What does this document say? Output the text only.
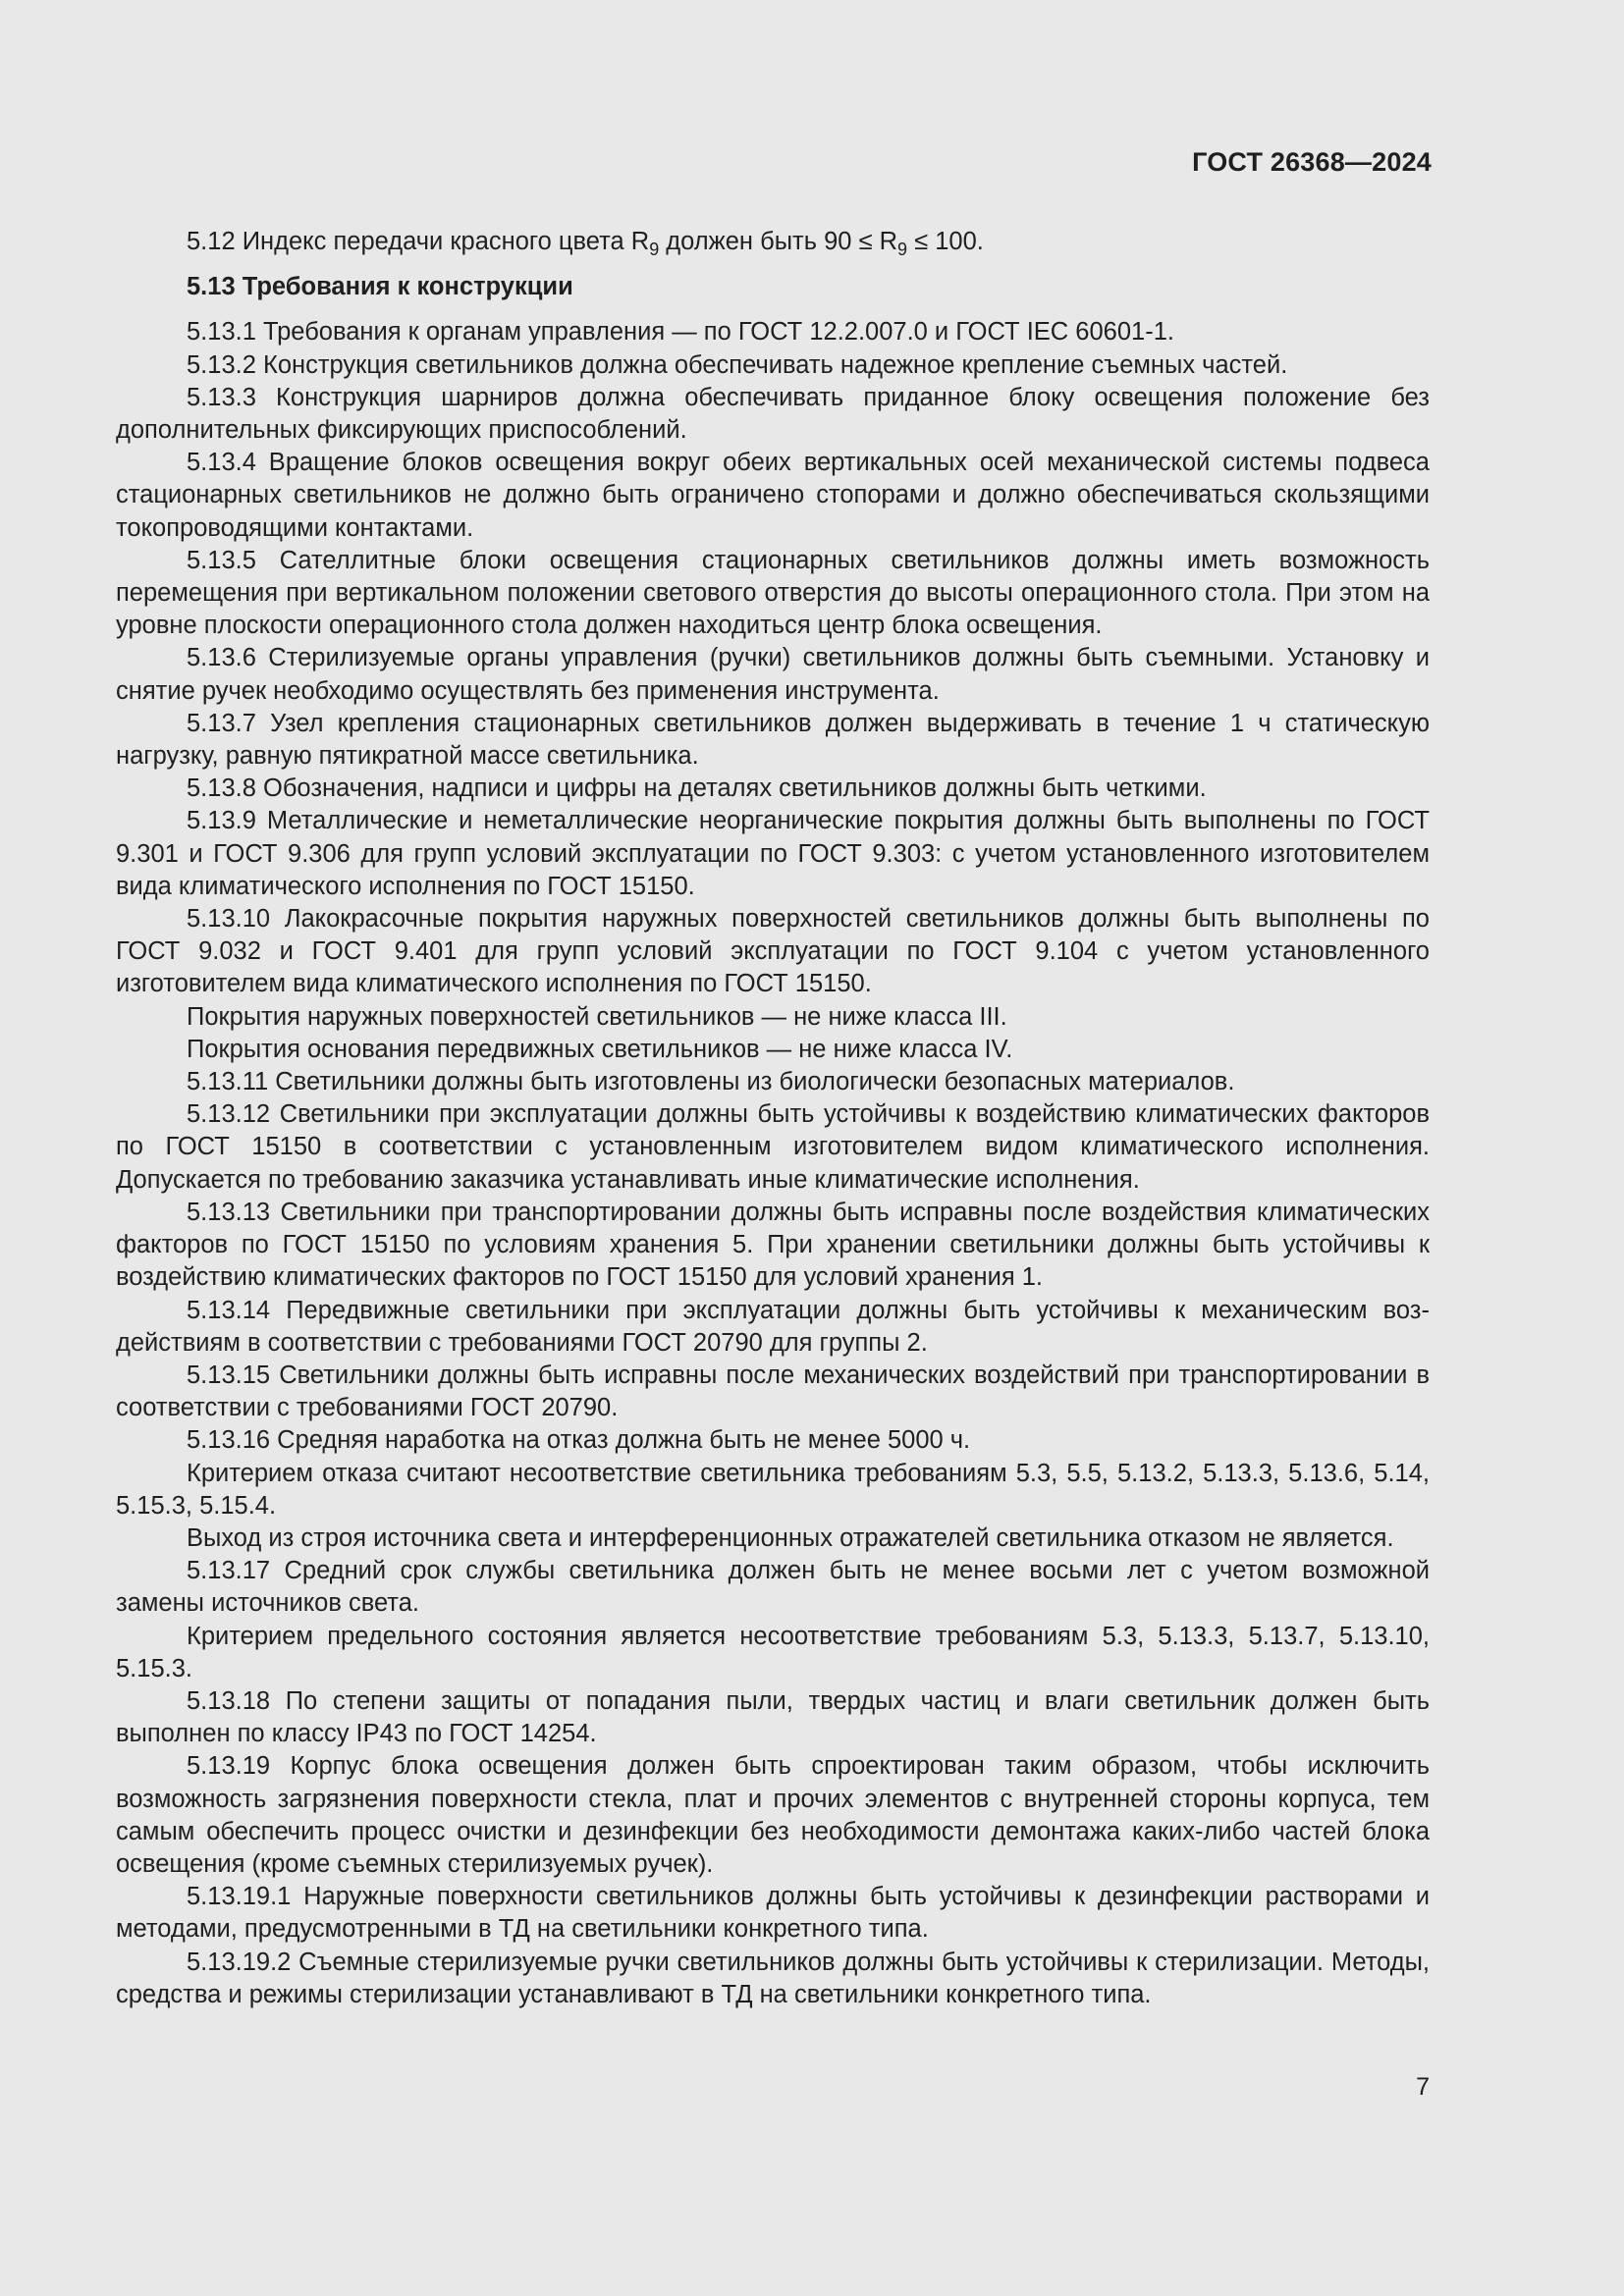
ГОСТ 26368—2024

5.12 Индекс передачи красного цвета $R_9$ должен быть $90 \le R_9 \le 100$.

5.13 Требования к конструкции

5.13.1 Требования к органам управления — по ГОСТ 12.2.007.0 и ГОСТ IEC 60601-1.

5.13.2 Конструкция светильников должна обеспечивать надежное крепление съемных частей.

5.13.3 Конструкция шарниров должна обеспечивать приданное блоку освещения положение без дополнительных фиксирующих приспособлений.

5.13.4 Вращение блоков освещения вокруг обеих вертикальных осей механической системы подвеса стационарных светильников не должно быть ограничено стопорами и должно обеспечиваться скользящими токопроводящими контактами.

5.13.5 Сателлитные блоки освещения стационарных светильников должны иметь возможность перемещения при вертикальном положении светового отверстия до высоты операционного стола. При этом на уровне плоскости операционного стола должен находиться центр блока освещения.

5.13.6 Стерилизуемые органы управления (ручки) светильников должны быть съемными. Установку и снятие ручек необходимо осуществлять без применения инструмента.

5.13.7 Узел крепления стационарных светильников должен выдерживать в течение 1 ч статическую нагрузку, равную пятикратной массе светильника.

5.13.8 Обозначения, надписи и цифры на деталях светильников должны быть четкими.

5.13.9 Металлические и неметаллические неорганические покрытия должны быть выполнены по ГОСТ 9.301 и ГОСТ 9.306 для групп условий эксплуатации по ГОСТ 9.303: с учетом установленного изготовителем вида климатического исполнения по ГОСТ 15150.

5.13.10 Лакокрасочные покрытия наружных поверхностей светильников должны быть выполнены по ГОСТ 9.032 и ГОСТ 9.401 для групп условий эксплуатации по ГОСТ 9.104 с учетом установленного изготовителем вида климатического исполнения по ГОСТ 15150.

Покрытия наружных поверхностей светильников — не ниже класса III.

Покрытия основания передвижных светильников — не ниже класса IV.

5.13.11 Светильники должны быть изготовлены из биологически безопасных материалов.

5.13.12 Светильники при эксплуатации должны быть устойчивы к воздействию климатических факторов по ГОСТ 15150 в соответствии с установленным изготовителем видом климатического исполнения. Допускается по требованию заказчика устанавливать иные климатические исполнения.

5.13.13 Светильники при транспортировании должны быть исправны после воздействия климатических факторов по ГОСТ 15150 по условиям хранения 5. При хранении светильники должны быть устойчивы к воздействию климатических факторов по ГОСТ 15150 для условий хранения 1.

5.13.14 Передвижные светильники при эксплуатации должны быть устойчивы к механическим воздействиям в соответствии с требованиями ГОСТ 20790 для группы 2.

5.13.15 Светильники должны быть исправны после механических воздействий при транспортировании в соответствии с требованиями ГОСТ 20790.

5.13.16 Средняя наработка на отказ должна быть не менее 5000 ч.

Критерием отказа считают несоответствие светильника требованиям 5.3, 5.5, 5.13.2, 5.13.3, 5.13.6, 5.14, 5.15.3, 5.15.4.

Выход из строя источника света и интерференционных отражателей светильника отказом не является.

5.13.17 Средний срок службы светильника должен быть не менее восьми лет с учетом возможной замены источников света.

Критерием предельного состояния является несоответствие требованиям 5.3, 5.13.3, 5.13.7, 5.13.10, 5.15.3.

5.13.18 По степени защиты от попадания пыли, твердых частиц и влаги светильник должен быть выполнен по классу IP43 по ГОСТ 14254.

5.13.19 Корпус блока освещения должен быть спроектирован таким образом, чтобы исключить возможность загрязнения поверхности стекла, плат и прочих элементов с внутренней стороны корпуса, тем самым обеспечить процесс очистки и дезинфекции без необходимости демонтажа каких-либо частей блока освещения (кроме съемных стерилизуемых ручек).

5.13.19.1 Наружные поверхности светильников должны быть устойчивы к дезинфекции растворами и методами, предусмотренными в ТД на светильники конкретного типа.

5.13.19.2 Съемные стерилизуемые ручки светильников должны быть устойчивы к стерилизации. Методы, средства и режимы стерилизации устанавливают в ТД на светильники конкретного типа.

7
